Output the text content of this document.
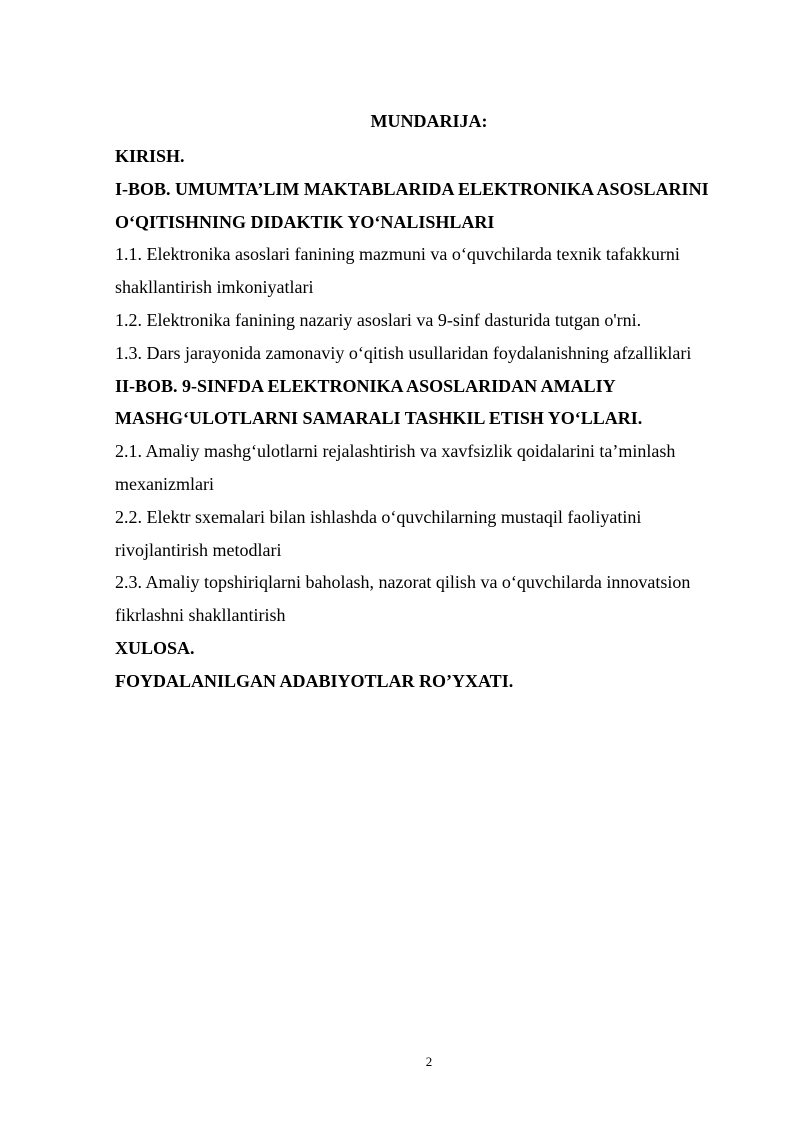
MUNDARIJA:
KIRISH.
I-BOB. UMUMTA’LIM MAKTABLARIDA ELEKTRONIKA ASOSLARINI
O‘QITISHNING DIDAKTIK YO‘NALISHLARI
1.1. Elektronika asoslari fanining mazmuni va o‘quvchilarda texnik tafakkurni
shakllantirish imkoniyatlari
1.2. Elektronika fanining nazariy asoslari va 9-sinf dasturida tutgan o'rni.
1.3. Dars jarayonida zamonaviy o‘qitish usullaridan foydalanishning afzalliklari
II-BOB. 9-SINFDA ELEKTRONIKA ASOSLARIDAN AMALIY
MASHG‘ULOTLARNI SAMARALI TASHKIL ETISH YO‘LLARI.
2.1. Amaliy mashg‘ulotlarni rejalashtirish va xavfsizlik qoidalarini ta’minlash
mexanizmlari
2.2. Elektr sxemalari bilan ishlashda o‘quvchilarning mustaqil faoliyatini
rivojlantirish metodlari
2.3. Amaliy topshiriqlarni baholash, nazorat qilish va o‘quvchilarda innovatsion
fikrlashni shakllantirish
XULOSA.
FOYDALANILGAN ADABIYOTLAR RO’YXATI.
2
